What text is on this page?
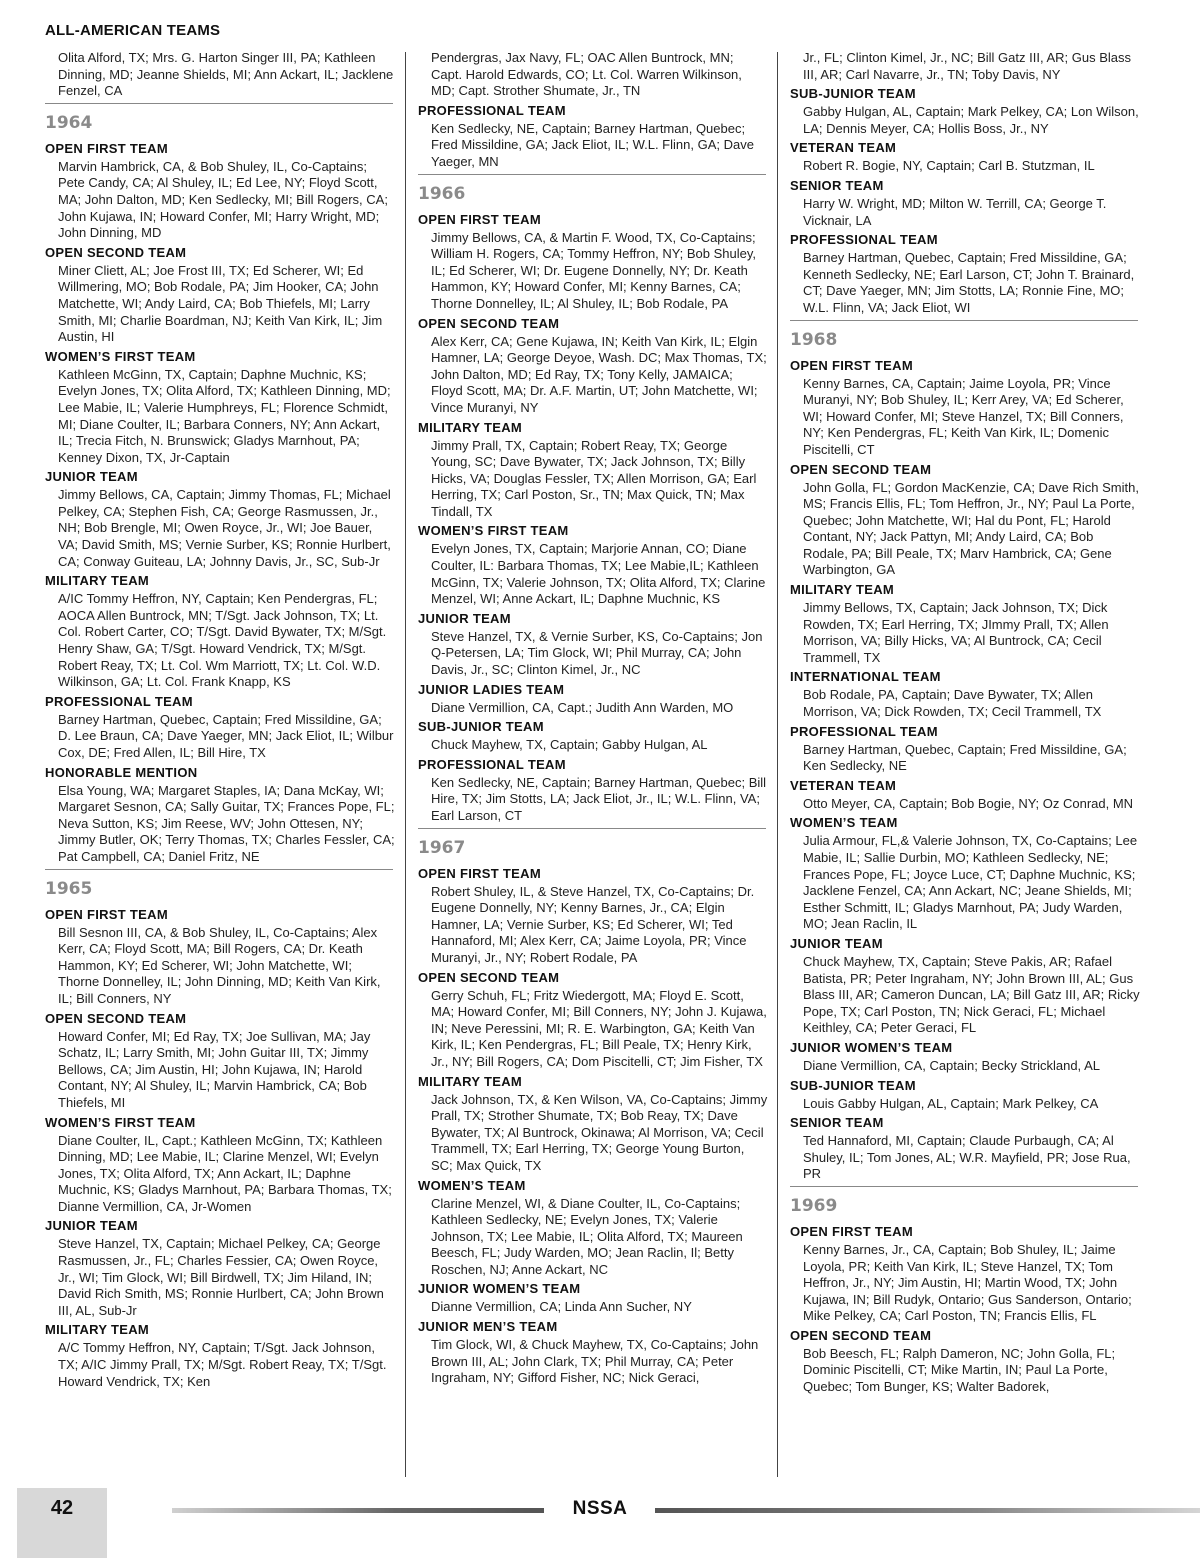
ALL-AMERICAN TEAMS
Olita Alford, TX; Mrs. G. Harton Singer III, PA; Kathleen Dinning, MD; Jeanne Shields, MI; Ann Ackart, IL; Jacklene Fenzel, CA
1964
OPEN FIRST TEAM
Marvin Hambrick, CA, & Bob Shuley, IL, Co-Captains; Pete Candy, CA; Al Shuley, IL; Ed Lee, NY; Floyd Scott, MA; John Dalton, MD; Ken Sedlecky, MI; Bill Rogers, CA; John Kujawa, IN; Howard Confer, MI; Harry Wright, MD; John Dinning, MD
OPEN SECOND TEAM
Miner Cliett, AL; Joe Frost III, TX; Ed Scherer, WI; Ed Willmering, MO; Bob Rodale, PA; Jim Hooker, CA; John Matchette, WI; Andy Laird, CA; Bob Thiefels, MI; Larry Smith, MI; Charlie Boardman, NJ; Keith Van Kirk, IL; Jim Austin, HI
WOMEN’S FIRST TEAM
Kathleen McGinn, TX, Captain; Daphne Muchnic, KS; Evelyn Jones, TX; Olita Alford, TX; Kathleen Dinning, MD; Lee Mabie, IL; Valerie Humphreys, FL; Florence Schmidt, MI; Diane Coulter, IL; Barbara Conners, NY; Ann Ackart, IL; Trecia Fitch, N. Brunswick; Gladys Marnhout, PA; Kenney Dixon, TX, Jr-Captain
JUNIOR TEAM
Jimmy Bellows, CA, Captain; Jimmy Thomas, FL; Michael Pelkey, CA; Stephen Fish, CA; George Rasmussen, Jr., NH; Bob Brengle, MI; Owen Royce, Jr., WI; Joe Bauer, VA; David Smith, MS; Vernie Surber, KS; Ronnie Hurlbert, CA; Conway Guiteau, LA; Johnny Davis, Jr., SC, Sub-Jr
MILITARY TEAM
A/IC Tommy Heffron, NY, Captain; Ken Pendergras, FL; AOCA Allen Buntrock, MN; T/Sgt. Jack Johnson, TX; Lt. Col. Robert Carter, CO; T/Sgt. David Bywater, TX; M/Sgt. Henry Shaw, GA; T/Sgt. Howard Vendrick, TX; M/Sgt. Robert Reay, TX; Lt. Col. Wm Marriott, TX; Lt. Col. W.D. Wilkinson, GA; Lt. Col. Frank Knapp, KS
PROFESSIONAL TEAM
Barney Hartman, Quebec, Captain; Fred Missildine, GA; D. Lee Braun, CA; Dave Yaeger, MN; Jack Eliot, IL; Wilbur Cox, DE; Fred Allen, IL; Bill Hire, TX
HONORABLE MENTION
Elsa Young, WA; Margaret Staples, IA; Dana McKay, WI; Margaret Sesnon, CA; Sally Guitar, TX; Frances Pope, FL; Neva Sutton, KS; Jim Reese, WV; John Ottesen, NY; Jimmy Butler, OK; Terry Thomas, TX; Charles Fessler, CA; Pat Campbell, CA; Daniel Fritz, NE
1965
OPEN FIRST TEAM
Bill Sesnon III, CA, & Bob Shuley, IL, Co-Captains; Alex Kerr, CA; Floyd Scott, MA; Bill Rogers, CA; Dr. Keath Hammon, KY; Ed Scherer, WI; John Matchette, WI; Thorne Donnelley, IL; John Dinning, MD; Keith Van Kirk, IL; Bill Conners, NY
OPEN SECOND TEAM
Howard Confer, MI; Ed Ray, TX; Joe Sullivan, MA; Jay Schatz, IL; Larry Smith, MI; John Guitar III, TX; Jimmy Bellows, CA; Jim Austin, HI; John Kujawa, IN; Harold Contant, NY; Al Shuley, IL; Marvin Hambrick, CA; Bob Thiefels, MI
WOMEN’S FIRST TEAM
Diane Coulter, IL, Capt.; Kathleen McGinn, TX; Kathleen Dinning, MD; Lee Mabie, IL; Clarine Menzel, WI; Evelyn Jones, TX; Olita Alford, TX; Ann Ackart, IL; Daphne Muchnic, KS; Gladys Marnhout, PA; Barbara Thomas, TX; Dianne Vermillion, CA, Jr-Women
JUNIOR TEAM
Steve Hanzel, TX, Captain; Michael Pelkey, CA; George Rasmussen, Jr., FL; Charles Fessier, CA; Owen Royce, Jr., WI; Tim Glock, WI; Bill Birdwell, TX; Jim Hiland, IN; David Rich Smith, MS; Ronnie Hurlbert, CA; John Brown III, AL, Sub-Jr
MILITARY TEAM
A/C Tommy Heffron, NY, Captain; T/Sgt. Jack Johnson, TX; A/IC Jimmy Prall, TX; M/Sgt. Robert Reay, TX; T/Sgt. Howard Vendrick, TX; Ken
Pendergras, Jax Navy, FL; OAC Allen Buntrock, MN; Capt. Harold Edwards, CO; Lt. Col. Warren Wilkinson, MD; Capt. Strother Shumate, Jr., TN
PROFESSIONAL TEAM
Ken Sedlecky, NE, Captain; Barney Hartman, Quebec; Fred Missildine, GA; Jack Eliot, IL; W.L. Flinn, GA; Dave Yaeger, MN
1966
OPEN FIRST TEAM
Jimmy Bellows, CA, & Martin F. Wood, TX, Co-Captains; William H. Rogers, CA; Tommy Heffron, NY; Bob Shuley, IL; Ed Scherer, WI; Dr. Eugene Donnelly, NY; Dr. Keath Hammon, KY; Howard Confer, MI; Kenny Barnes, CA; Thorne Donnelley, IL; Al Shuley, IL; Bob Rodale, PA
OPEN SECOND TEAM
Alex Kerr, CA; Gene Kujawa, IN; Keith Van Kirk, IL; Elgin Hamner, LA; George Deyoe, Wash. DC; Max Thomas, TX; John Dalton, MD; Ed Ray, TX; Tony Kelly, JAMAICA; Floyd Scott, MA; Dr. A.F. Martin, UT; John Matchette, WI; Vince Muranyi, NY
MILITARY TEAM
Jimmy Prall, TX, Captain; Robert Reay, TX; George Young, SC; Dave Bywater, TX; Jack Johnson, TX; Billy Hicks, VA; Douglas Fessler, TX; Allen Morrison, GA; Earl Herring, TX; Carl Poston, Sr., TN; Max Quick, TN; Max Tindall, TX
WOMEN’S FIRST TEAM
Evelyn Jones, TX, Captain; Marjorie Annan, CO; Diane Coulter, IL: Barbara Thomas, TX; Lee Mabie,IL; Kathleen McGinn, TX; Valerie Johnson, TX; Olita Alford, TX; Clarine Menzel, WI; Anne Ackart, IL; Daphne Muchnic, KS
JUNIOR TEAM
Steve Hanzel, TX, & Vernie Surber, KS, Co-Captains; Jon Q-Petersen, LA; Tim Glock, WI; Phil Murray, CA; John Davis, Jr., SC; Clinton Kimel, Jr., NC
JUNIOR LADIES TEAM
Diane Vermillion, CA, Capt.; Judith Ann Warden, MO
SUB-JUNIOR TEAM
Chuck Mayhew, TX, Captain; Gabby Hulgan, AL
PROFESSIONAL TEAM
Ken Sedlecky, NE, Captain; Barney Hartman, Quebec; Bill Hire, TX; Jim Stotts, LA; Jack Eliot, Jr., IL; W.L. Flinn, VA; Earl Larson, CT
1967
OPEN FIRST TEAM
Robert Shuley, IL, & Steve Hanzel, TX, Co-Captains; Dr. Eugene Donnelly, NY; Kenny Barnes, Jr., CA; Elgin Hamner, LA; Vernie Surber, KS; Ed Scherer, WI; Ted Hannaford, MI; Alex Kerr, CA; Jaime Loyola, PR; Vince Muranyi, Jr., NY; Robert Rodale, PA
OPEN SECOND TEAM
Gerry Schuh, FL; Fritz Wiedergott, MA; Floyd E. Scott, MA; Howard Confer, MI; Bill Conners, NY; John J. Kujawa, IN; Neve Peressini, MI; R. E. Warbington, GA; Keith Van Kirk, IL; Ken Pendergras, FL; Bill Peale, TX; Henry Kirk, Jr., NY; Bill Rogers, CA; Dom Piscitelli, CT; Jim Fisher, TX
MILITARY TEAM
Jack Johnson, TX, & Ken Wilson, VA, Co-Captains; Jimmy Prall, TX; Strother Shumate, TX; Bob Reay, TX; Dave Bywater, TX; Al Buntrock, Okinawa; Al Morrison, VA; Cecil Trammell, TX; Earl Herring, TX; George Young Burton, SC; Max Quick, TX
WOMEN’S TEAM
Clarine Menzel, WI, & Diane Coulter, IL, Co-Captains; Kathleen Sedlecky, NE; Evelyn Jones, TX; Valerie Johnson, TX; Lee Mabie, IL; Olita Alford, TX; Maureen Beesch, FL; Judy Warden, MO; Jean Raclin, Il; Betty Roschen, NJ; Anne Ackart, NC
JUNIOR WOMEN’S TEAM
Dianne Vermillion, CA; Linda Ann Sucher, NY
JUNIOR MEN’S TEAM
Tim Glock, WI, & Chuck Mayhew, TX, Co-Captains; John Brown III, AL; John Clark, TX; Phil Murray, CA; Peter Ingraham, NY; Gifford Fisher, NC; Nick Geraci,
Jr., FL; Clinton Kimel, Jr., NC; Bill Gatz III, AR; Gus Blass III, AR; Carl Navarre, Jr., TN; Toby Davis, NY
SUB-JUNIOR TEAM
Gabby Hulgan, AL, Captain; Mark Pelkey, CA; Lon Wilson, LA; Dennis Meyer, CA; Hollis Boss, Jr., NY
VETERAN TEAM
Robert R. Bogie, NY, Captain; Carl B. Stutzman, IL
SENIOR TEAM
Harry W. Wright, MD; Milton W. Terrill, CA; George T. Vicknair, LA
PROFESSIONAL TEAM
Barney Hartman, Quebec, Captain; Fred Missildine, GA; Kenneth Sedlecky, NE; Earl Larson, CT; John T. Brainard, CT; Dave Yaeger, MN; Jim Stotts, LA; Ronnie Fine, MO; W.L. Flinn, VA; Jack Eliot, WI
1968
OPEN FIRST TEAM
Kenny Barnes, CA, Captain; Jaime Loyola, PR; Vince Muranyi, NY; Bob Shuley, IL; Kerr Arey, VA; Ed Scherer, WI; Howard Confer, MI; Steve Hanzel, TX; Bill Conners, NY; Ken Pendergras, FL; Keith Van Kirk, IL; Domenic Piscitelli, CT
OPEN SECOND TEAM
John Golla, FL; Gordon MacKenzie, CA; Dave Rich Smith, MS; Francis Ellis, FL; Tom Heffron, Jr., NY; Paul La Porte, Quebec; John Matchette, WI; Hal du Pont, FL; Harold Contant, NY; Jack Pattyn, MI; Andy Laird, CA; Bob Rodale, PA; Bill Peale, TX; Marv Hambrick, CA; Gene Warbington, GA
MILITARY TEAM
Jimmy Bellows, TX, Captain; Jack Johnson, TX; Dick Rowden, TX; Earl Herring, TX; JImmy Prall, TX; Allen Morrison, VA; Billy Hicks, VA; Al Buntrock, CA; Cecil Trammell, TX
INTERNATIONAL TEAM
Bob Rodale, PA, Captain; Dave Bywater, TX; Allen Morrison, VA; Dick Rowden, TX; Cecil Trammell, TX
PROFESSIONAL TEAM
Barney Hartman, Quebec, Captain; Fred Missildine, GA; Ken Sedlecky, NE
VETERAN TEAM
Otto Meyer, CA, Captain; Bob Bogie, NY; Oz Conrad, MN
WOMEN’S TEAM
Julia Armour, FL,& Valerie Johnson, TX, Co-Captains; Lee Mabie, IL; Sallie Durbin, MO; Kathleen Sedlecky, NE; Frances Pope, FL; Joyce Luce, CT; Daphne Muchnic, KS; Jacklene Fenzel, CA; Ann Ackart, NC; Jeane Shields, MI; Esther Schmitt, IL; Gladys Marnhout, PA; Judy Warden, MO; Jean Raclin, IL
JUNIOR TEAM
Chuck Mayhew, TX, Captain; Steve Pakis, AR; Rafael Batista, PR; Peter Ingraham, NY; John Brown III, AL; Gus Blass III, AR; Cameron Duncan, LA; Bill Gatz III, AR; Ricky Pope, TX; Carl Poston, TN; Nick Geraci, FL; Michael Keithley, CA; Peter Geraci, FL
JUNIOR WOMEN’S TEAM
Diane Vermillion, CA, Captain; Becky Strickland, AL
SUB-JUNIOR TEAM
Louis Gabby Hulgan, AL, Captain; Mark Pelkey, CA
SENIOR TEAM
Ted Hannaford, MI, Captain; Claude Purbaugh, CA; Al Shuley, IL; Tom Jones, AL; W.R. Mayfield, PR; Jose Rua, PR
1969
OPEN FIRST TEAM
Kenny Barnes, Jr., CA, Captain; Bob Shuley, IL; Jaime Loyola, PR; Keith Van Kirk, IL; Steve Hanzel, TX; Tom Heffron, Jr., NY; Jim Austin, HI; Martin Wood, TX; John Kujawa, IN; Bill Rudyk, Ontario; Gus Sanderson, Ontario; Mike Pelkey, CA; Carl Poston, TN; Francis Ellis, FL
OPEN SECOND TEAM
Bob Beesch, FL; Ralph Dameron, NC; John Golla, FL; Dominic Piscitelli, CT; Mike Martin, IN; Paul La Porte, Quebec; Tom Bunger, KS; Walter Badorek,
42	NSSA
